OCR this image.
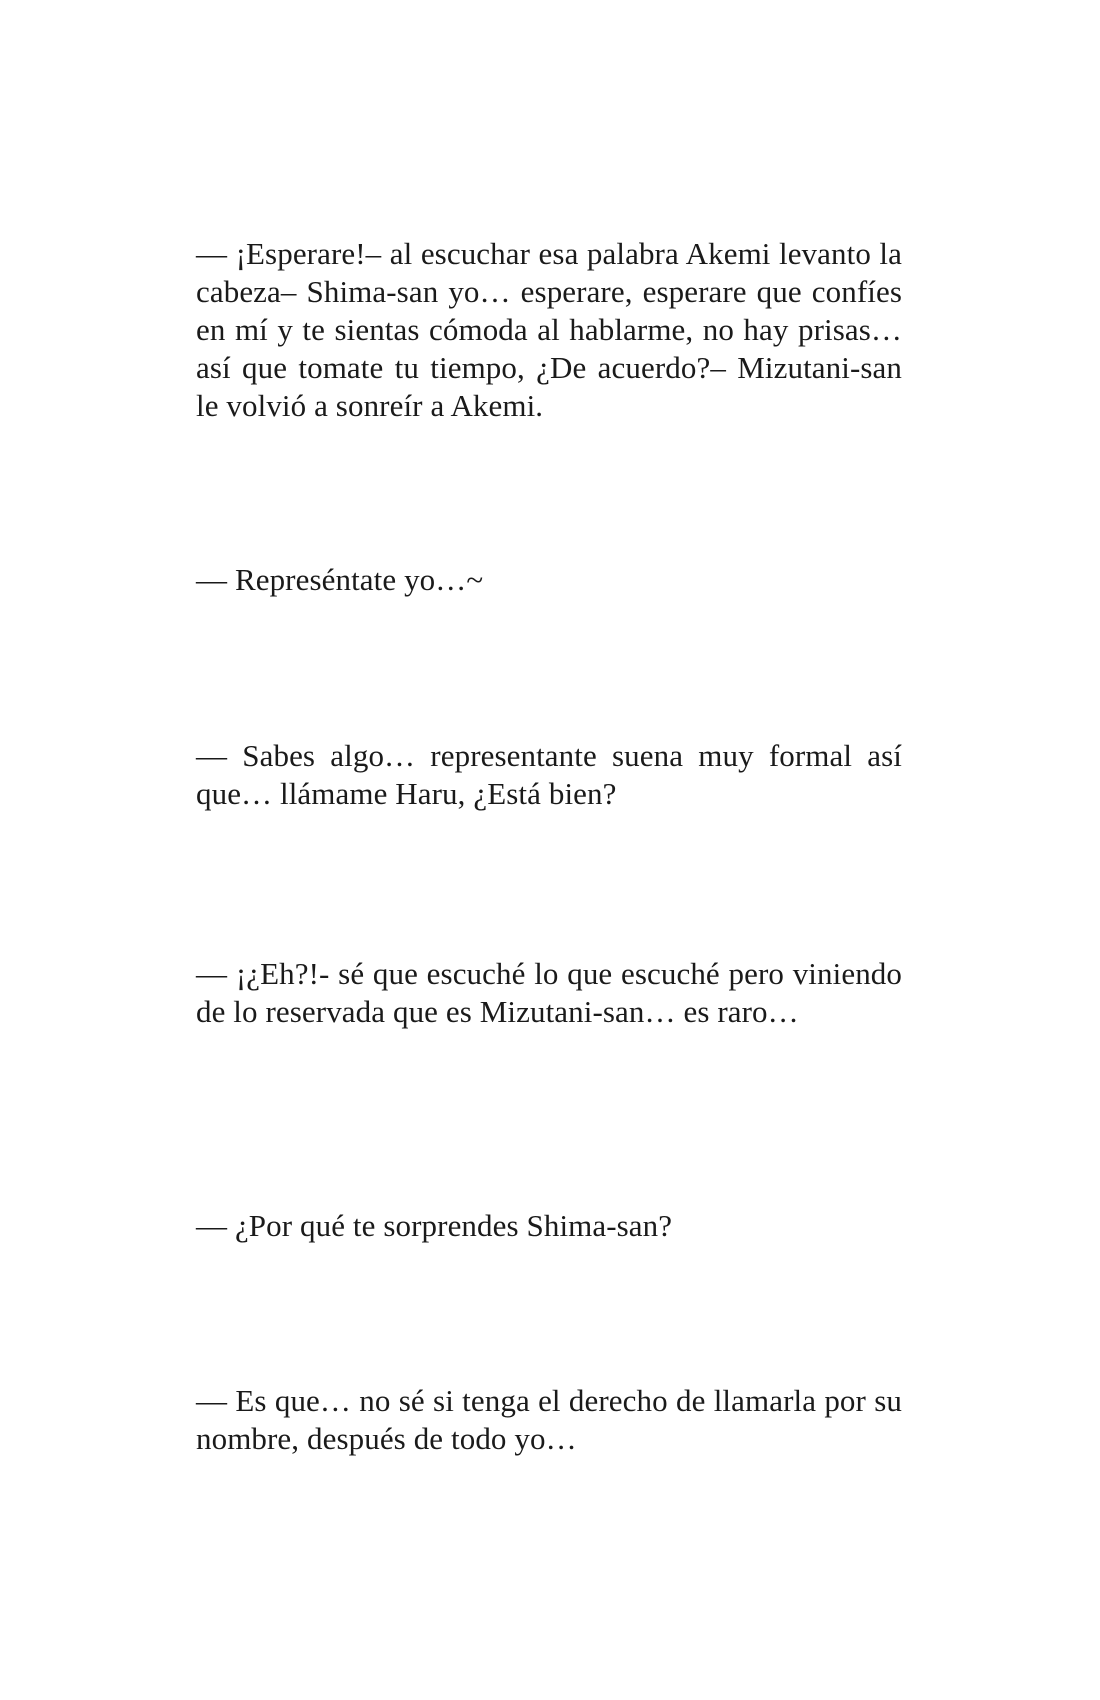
— ¡Esperare!– al escuchar esa palabra Akemi levanto la cabeza– Shima-san yo… esperare, esperare que confíes en mí y te sientas cómoda al hablarme, no hay prisas… así que tomate tu tiempo, ¿De acuerdo?– Mizutani-san le volvió a sonreír a Akemi.

— Represéntate yo…~

— Sabes algo… representante suena muy formal así que… llámame Haru, ¿Está bien?

— ¡¿Eh?!- sé que escuché lo que escuché pero viniendo de lo reservada que es Mizutani-san… es raro…

— ¿Por qué te sorprendes Shima-san?

— Es que… no sé si tenga el derecho de llamarla por su nombre, después de todo yo…
